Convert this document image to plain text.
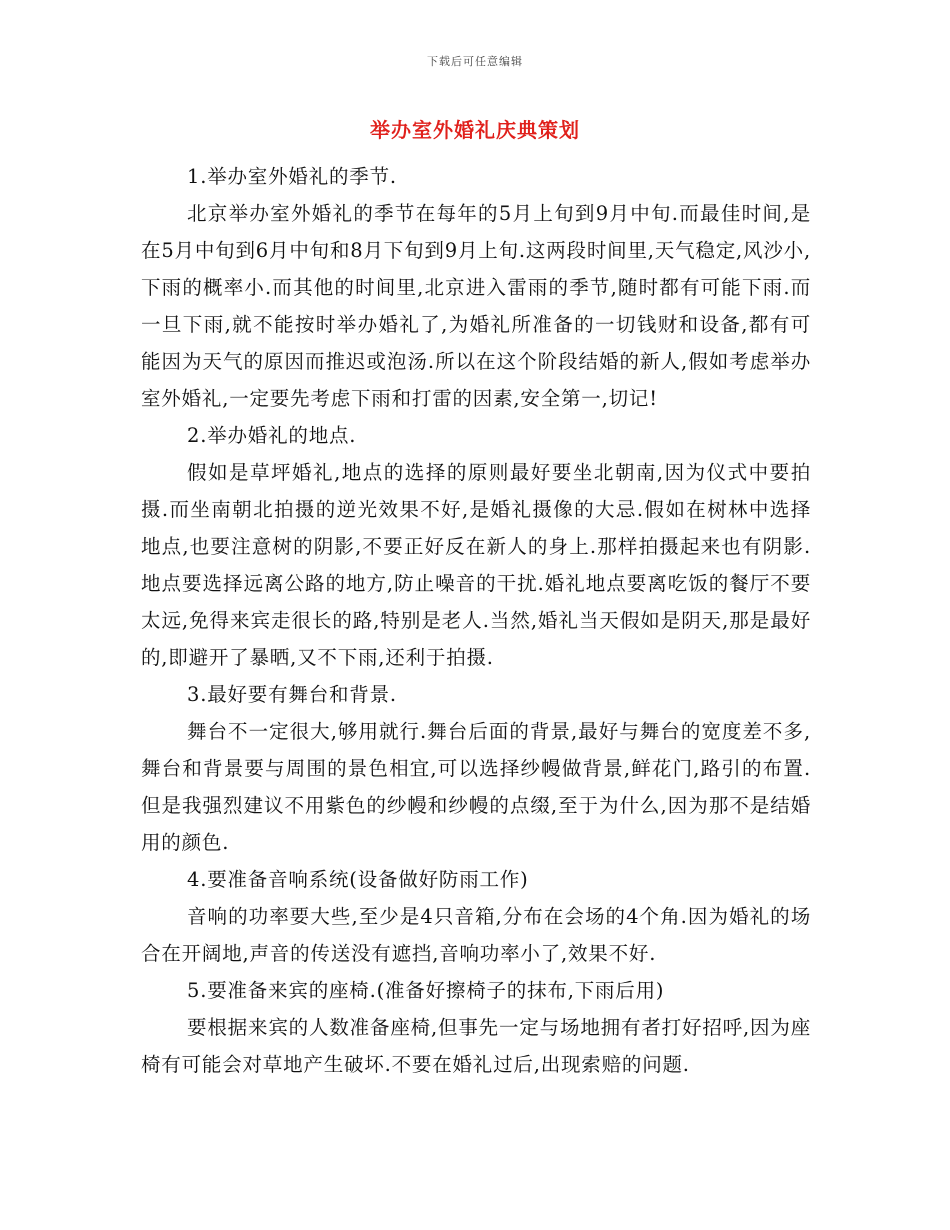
下载后可任意编辑
举办室外婚礼庆典策划

1.举办室外婚礼的季节.

北京举办室外婚礼的季节在每年的5月上旬到9月中旬.而最佳时间,是在5月中旬到6月中旬和8月下旬到9月上旬.这两段时间里,天气稳定,风沙小,下雨的概率小.而其他的时间里,北京进入雷雨的季节,随时都有可能下雨.而一旦下雨,就不能按时举办婚礼了,为婚礼所准备的一切钱财和设备,都有可能因为天气的原因而推迟或泡汤.所以在这个阶段结婚的新人,假如考虑举办室外婚礼,一定要先考虑下雨和打雷的因素,安全第一,切记!

2.举办婚礼的地点.

假如是草坪婚礼,地点的选择的原则最好要坐北朝南,因为仪式中要拍摄.而坐南朝北拍摄的逆光效果不好,是婚礼摄像的大忌.假如在树林中选择地点,也要注意树的阴影,不要正好反在新人的身上.那样拍摄起来也有阴影.地点要选择远离公路的地方,防止噪音的干扰.婚礼地点要离吃饭的餐厅不要太远,免得来宾走很长的路,特别是老人.当然,婚礼当天假如是阴天,那是最好的,即避开了暴晒,又不下雨,还利于拍摄.

3.最好要有舞台和背景.

舞台不一定很大,够用就行.舞台后面的背景,最好与舞台的宽度差不多,舞台和背景要与周围的景色相宜,可以选择纱幔做背景,鲜花门,路引的布置.但是我强烈建议不用紫色的纱幔和纱幔的点缀,至于为什么,因为那不是结婚用的颜色.

4.要准备音响系统(设备做好防雨工作)

音响的功率要大些,至少是4只音箱,分布在会场的4个角.因为婚礼的场合在开阔地,声音的传送没有遮挡,音响功率小了,效果不好.

5.要准备来宾的座椅.(准备好擦椅子的抹布,下雨后用)

要根据来宾的人数准备座椅,但事先一定与场地拥有者打好招呼,因为座椅有可能会对草地产生破坏.不要在婚礼过后,出现索赔的问题.
